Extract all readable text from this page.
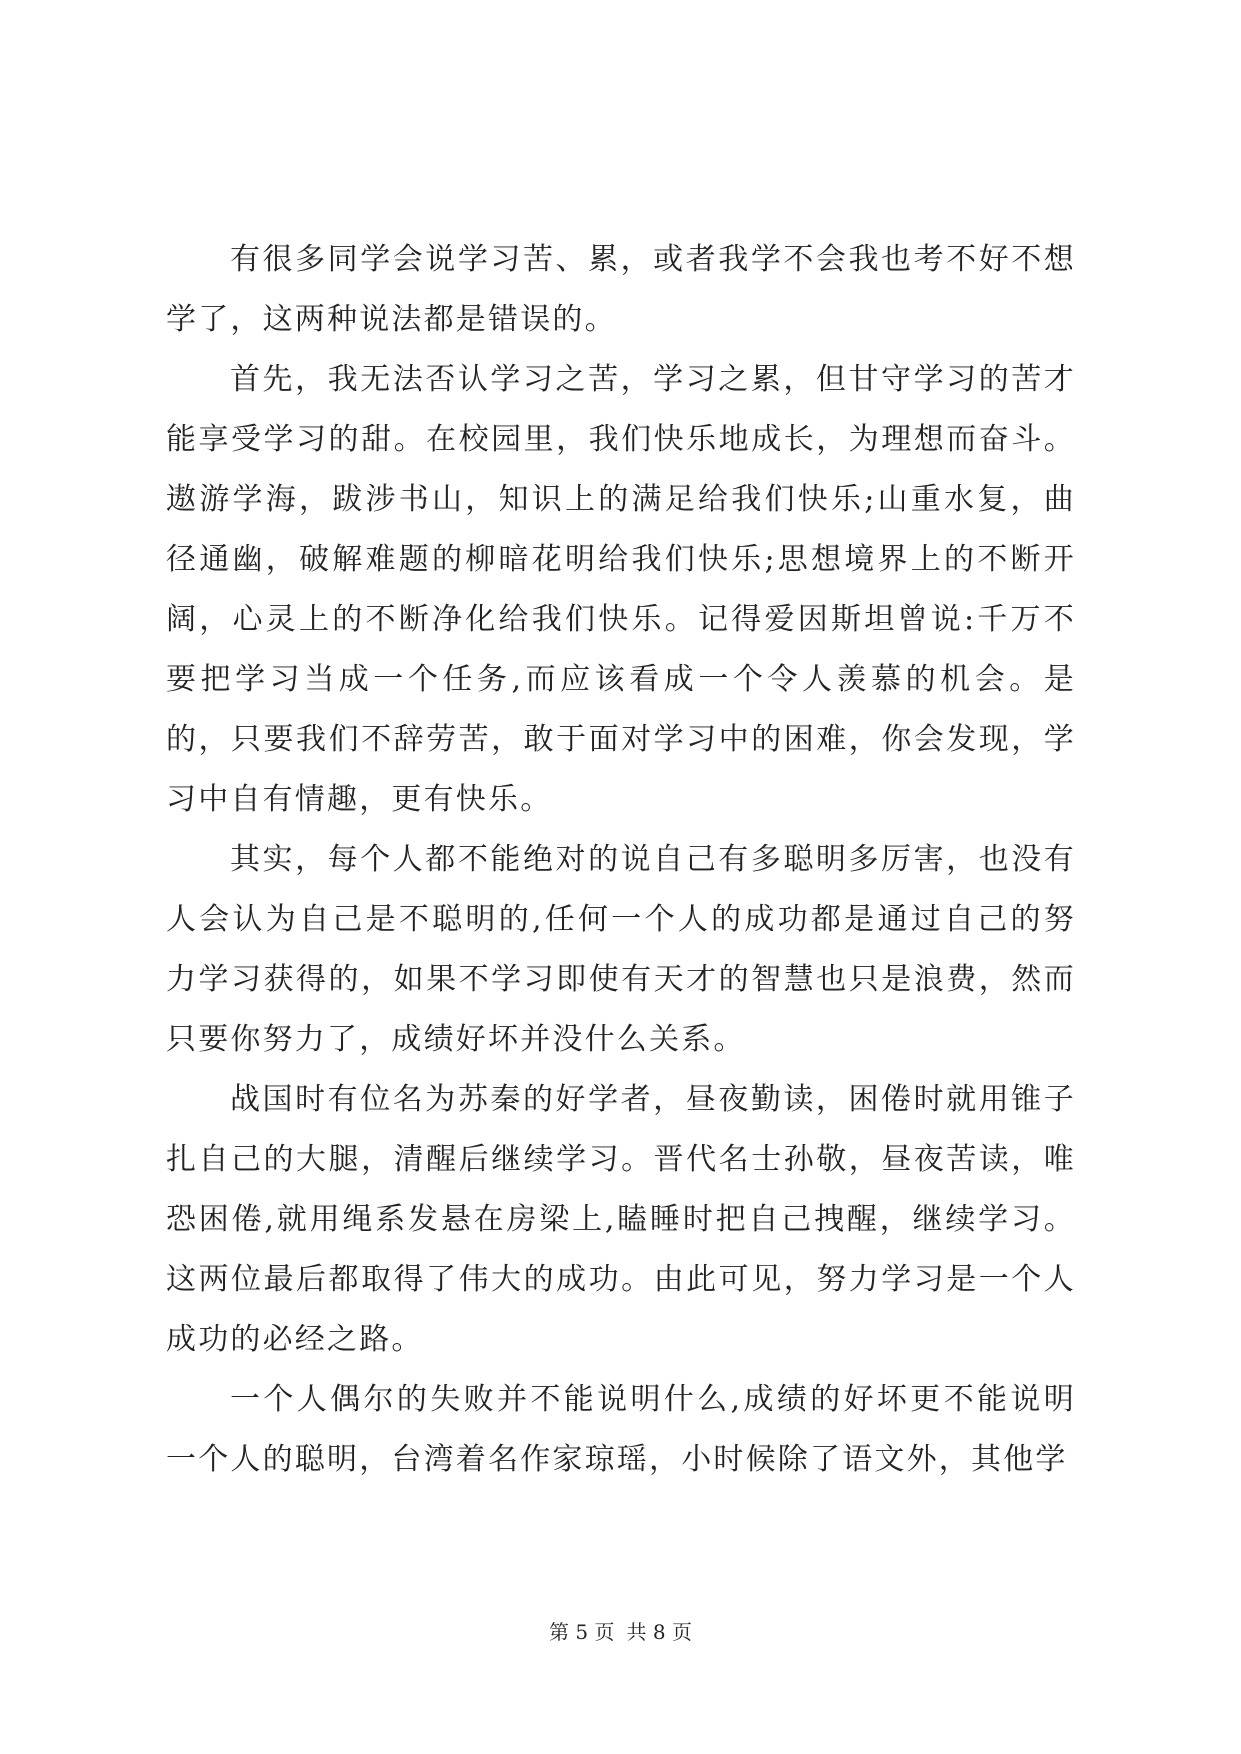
有很多同学会说学习苦、累，或者我学不会我也考不好不想学了，这两种说法都是错误的。

首先，我无法否认学习之苦，学习之累，但甘守学习的苦才能享受学习的甜。在校园里，我们快乐地成长，为理想而奋斗。遨游学海，跋涉书山，知识上的满足给我们快乐;山重水复，曲径通幽，破解难题的柳暗花明给我们快乐;思想境界上的不断开阔，心灵上的不断净化给我们快乐。记得爱因斯坦曾说:千万不要把学习当成一个任务,而应该看成一个令人羡慕的机会。是的，只要我们不辞劳苦，敢于面对学习中的困难，你会发现，学习中自有情趣，更有快乐。

其实，每个人都不能绝对的说自己有多聪明多厉害，也没有人会认为自己是不聪明的,任何一个人的成功都是通过自己的努力学习获得的，如果不学习即使有天才的智慧也只是浪费，然而只要你努力了，成绩好坏并没什么关系。

战国时有位名为苏秦的好学者，昼夜勤读，困倦时就用锥子扎自己的大腿，清醒后继续学习。晋代名士孙敬，昼夜苦读，唯恐困倦,就用绳系发悬在房梁上,瞌睡时把自己拽醒，继续学习。这两位最后都取得了伟大的成功。由此可见，努力学习是一个人成功的必经之路。

一个人偶尔的失败并不能说明什么,成绩的好坏更不能说明一个人的聪明，台湾着名作家琼瑶，小时候除了语文外，其他学

第 5 页 共 8 页
